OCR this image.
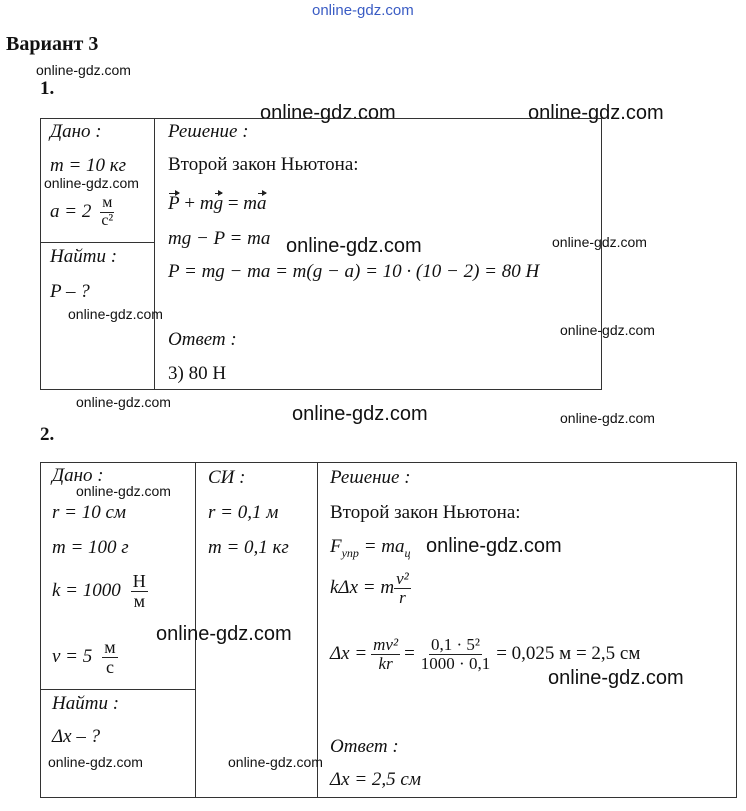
online-gdz.com
Вариант 3
online-gdz.com
1.
online-gdz.com	online-gdz.com
Дано :
m = 10 кг
online-gdz.com
$a = 2 \frac{м}{\text{c²}}$
Найти :
P – ?
online-gdz.com
Решение :
Второй закон Ньютона:
P + mg = ma
mg − P = ma online-gdz.com	online-gdz.com
P = mg − ma = m(g − a) = 10 · (10 − 2) = 80 H
Ответ :	online-gdz.com
3) 80 H
online-gdz.com
online-gdz.com	online-gdz.com
2.
Дано :
online-gdz.com
r = 10 см
m = 100 г
$k = 1000 \frac{H}{м}$
online-gdz.com
$v = 5 \frac{м}{c}$
Найти :
Δx – ?
online-gdz.com	online-gdz.com
СИ :
r = 0,1 м
m = 0,1 кг
Решение :
Второй закон Ньютона:
$F_{упр} = ma_ц$ online-gdz.com
kΔx = m $\frac{\text{v²}}{r}$
$\Delta x = \frac{\text{mv²}}{kr} = \frac{\text{0,1 · 5²}}{1000 \cdot 0,1} = 0,025$ м = 2,5 см
online-gdz.com
Ответ :
Δx = 2,5 см
